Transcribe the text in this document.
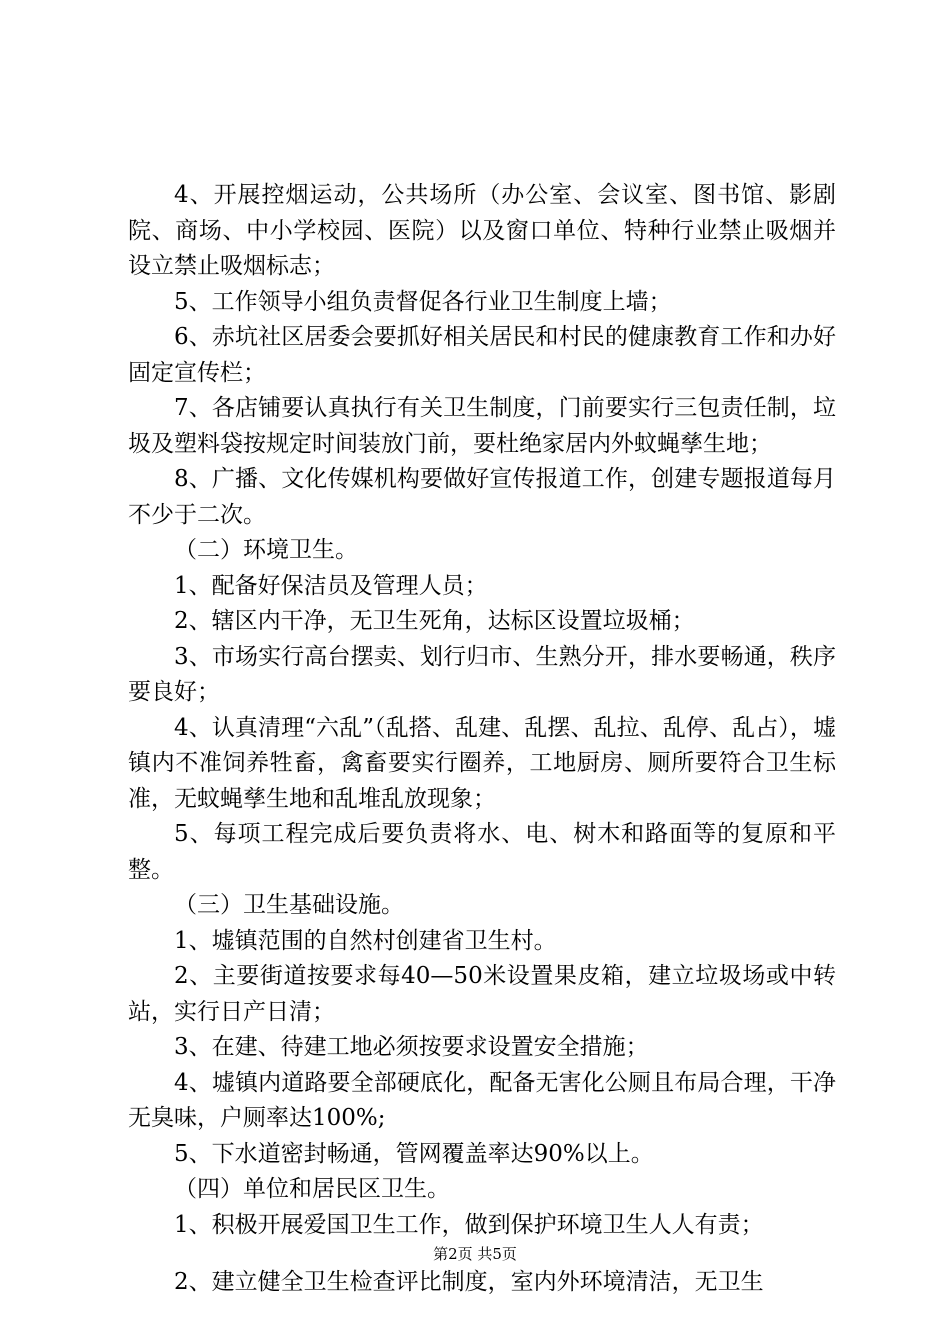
4、开展控烟运动，公共场所（办公室、会议室、图书馆、影剧院、商场、中小学校园、医院）以及窗口单位、特种行业禁止吸烟并设立禁止吸烟标志；

5、工作领导小组负责督促各行业卫生制度上墙；

6、赤坑社区居委会要抓好相关居民和村民的健康教育工作和办好固定宣传栏；

7、各店铺要认真执行有关卫生制度，门前要实行三包责任制，垃圾及塑料袋按规定时间装放门前，要杜绝家居内外蚊蝇孳生地；

8、广播、文化传媒机构要做好宣传报道工作，创建专题报道每月不少于二次。

（二）环境卫生。

1、配备好保洁员及管理人员；

2、辖区内干净，无卫生死角，达标区设置垃圾桶；

3、市场实行高台摆卖、划行归市、生熟分开，排水要畅通，秩序要良好；

4、认真清理“六乱”（乱搭、乱建、乱摆、乱拉、乱停、乱占），墟镇内不准饲养牲畜，禽畜要实行圈养，工地厨房、厕所要符合卫生标准，无蚊蝇孳生地和乱堆乱放现象；

5、每项工程完成后要负责将水、电、树木和路面等的复原和平整。

（三）卫生基础设施。

1、墟镇范围的自然村创建省卫生村。

2、主要街道按要求每40—50米设置果皮箱，建立垃圾场或中转站，实行日产日清；

3、在建、待建工地必须按要求设置安全措施；

4、墟镇内道路要全部硬底化，配备无害化公厕且布局合理，干净无臭味，户厕率达100%;

5、下水道密封畅通，管网覆盖率达90%以上。

（四）单位和居民区卫生。

1、积极开展爱国卫生工作，做到保护环境卫生人人有责；

2、建立健全卫生检查评比制度，室内外环境清洁，无卫生

第2页 共5页
